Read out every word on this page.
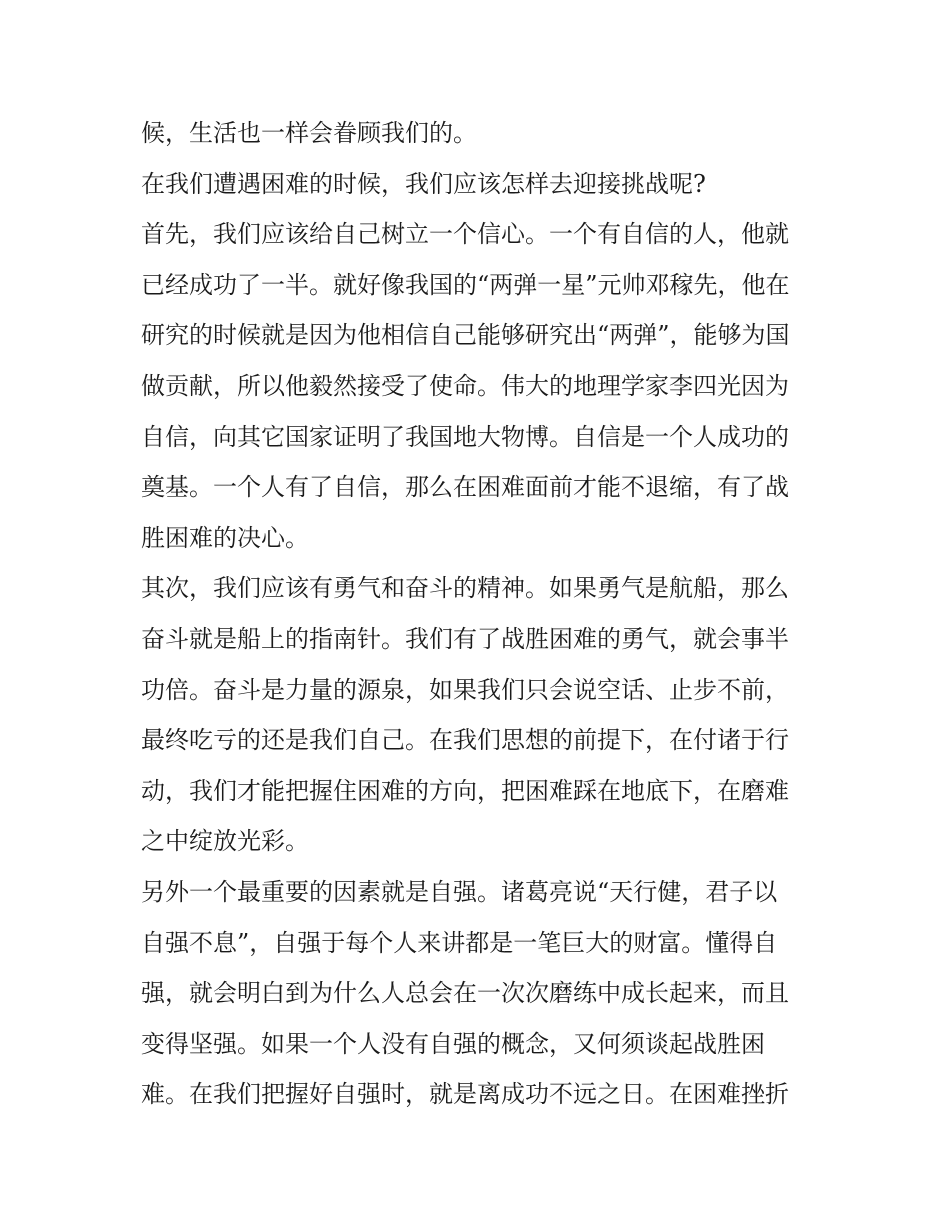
候，生活也一样会眷顾我们的。
在我们遭遇困难的时候，我们应该怎样去迎接挑战呢?
首先，我们应该给自己树立一个信心。一个有自信的人，他就
已经成功了一半。就好像我国的“两弹一星”元帅邓稼先，他在
研究的时候就是因为他相信自己能够研究出“两弹”，能够为国
做贡献，所以他毅然接受了使命。伟大的地理学家李四光因为
自信，向其它国家证明了我国地大物博。自信是一个人成功的
奠基。一个人有了自信，那么在困难面前才能不退缩，有了战
胜困难的决心。
其次，我们应该有勇气和奋斗的精神。如果勇气是航船，那么
奋斗就是船上的指南针。我们有了战胜困难的勇气，就会事半
功倍。奋斗是力量的源泉，如果我们只会说空话、止步不前，
最终吃亏的还是我们自己。在我们思想的前提下，在付诸于行
动，我们才能把握住困难的方向，把困难踩在地底下，在磨难
之中绽放光彩。
另外一个最重要的因素就是自强。诸葛亮说“天行健，君子以
自强不息”，自强于每个人来讲都是一笔巨大的财富。懂得自
强，就会明白到为什么人总会在一次次磨练中成长起来，而且
变得坚强。如果一个人没有自强的概念，又何须谈起战胜困
难。在我们把握好自强时，就是离成功不远之日。在困难挫折
